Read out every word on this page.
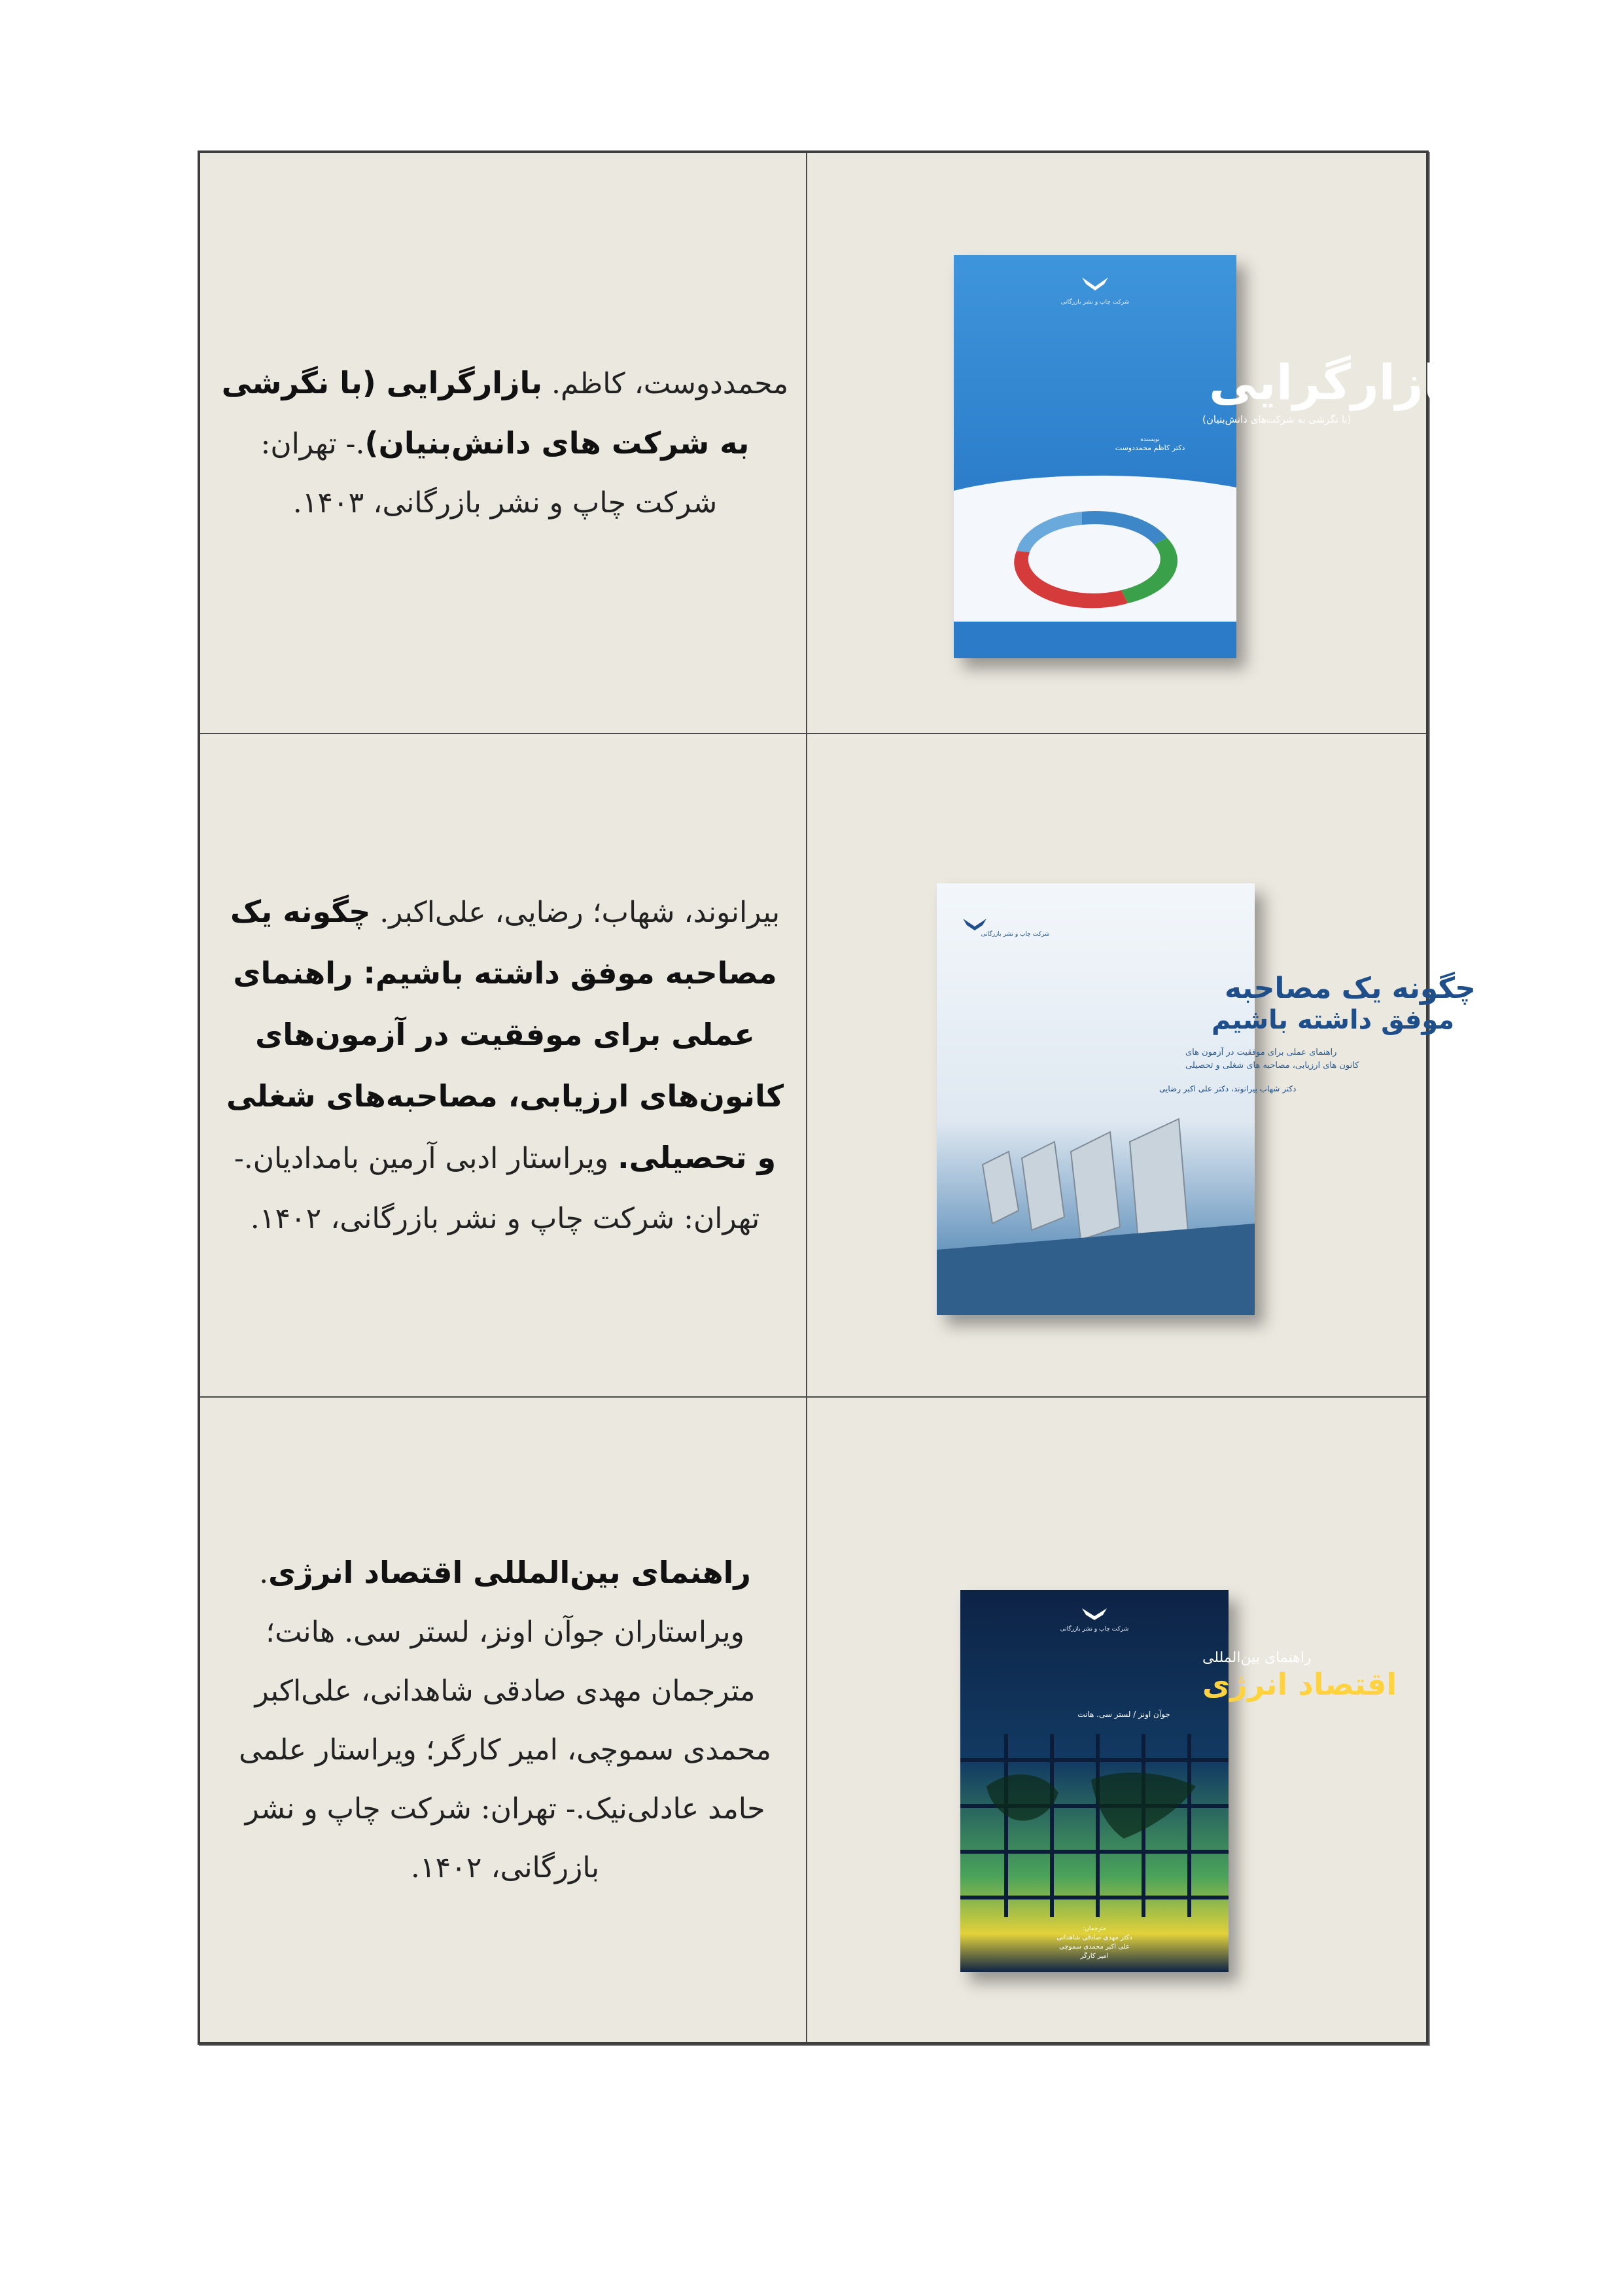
محمددوست، کاظم. بازارگرایی (با نگرشی به شرکت های دانش‌بنیان).- تهران: شرکت چاپ و نشر بازرگانی، ۱۴۰۳.
شرکت چاپ و نشر بازرگانی
بازارگرایی
(با نگرشی به شرکت‌های دانش‌بنیان)
نویسنده
دکتر کاظم محمددوست
بیرانوند، شهاب؛ رضایی، علی‌اکبر. چگونه یک مصاحبه موفق داشته باشیم: راهنمای عملی برای موفقیت در آزمون‌های کانون‌های ارزیابی، مصاحبه‌های شغلی و تحصیلی. ویراستار ادبی آرمین بامدادیان.- تهران: شرکت چاپ و نشر بازرگانی، ۱۴۰۲.
شرکت چاپ و نشر بازرگانی
چگونه یک مصاحبه
موفق داشته باشیم
راهنمای عملی برای موفقیت در آزمون های
کانون های ارزیابی، مصاحبه های شغلی و تحصیلی
دکتر شهاب بیرانوند، دکتر علی اکبر رضایی
راهنمای بین‌المللی اقتصاد انرژی. ویراستاران جوآن اونز، لستر سی. هانت؛ مترجمان مهدی صادقی شاهدانی، علی‌اکبر محمدی سموچی، امیر کارگر؛ ویراستار علمی حامد عادلی‌نیک.- تهران: شرکت چاپ و نشر بازرگانی، ۱۴۰۲.
شرکت چاپ و نشر بازرگانی
راهنمای بین‌المللی
اقتصاد انرژی
جوآن اونز / لستر سی. هانت
مترجمان:
دکتر مهدی صادقی شاهدانی
علی اکبر محمدی سموچی
امیر کارگر
